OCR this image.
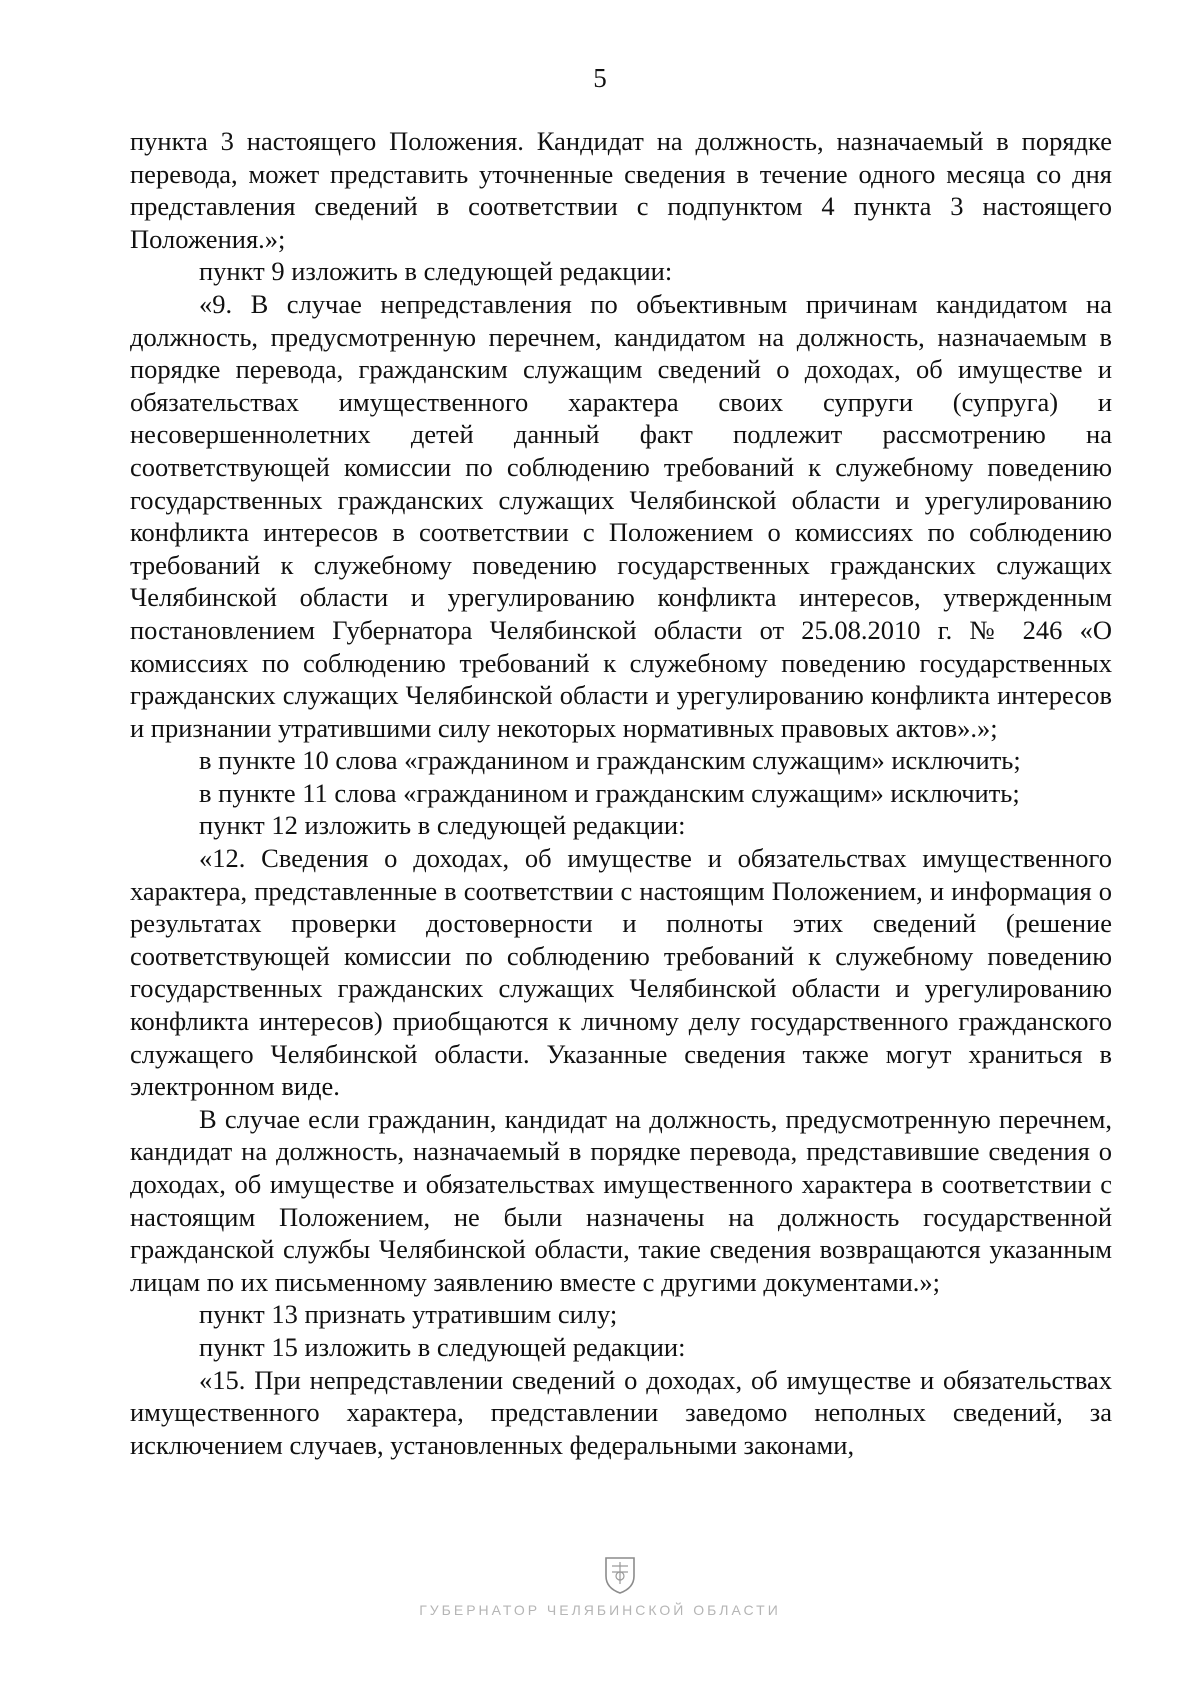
5

пункта 3 настоящего Положения. Кандидат на должность, назначаемый в порядке перевода, может представить уточненные сведения в течение одного месяца со дня представления сведений в соответствии с подпунктом 4 пункта 3 настоящего Положения.»;

пункт 9 изложить в следующей редакции:

«9. В случае непредставления по объективным причинам кандидатом на должность, предусмотренную перечнем, кандидатом на должность, назначаемым в порядке перевода, гражданским служащим сведений о доходах, об имуществе и обязательствах имущественного характера своих супруги (супруга) и несовершеннолетних детей данный факт подлежит рассмотрению на соответствующей комиссии по соблюдению требований к служебному поведению государственных гражданских служащих Челябинской области и урегулированию конфликта интересов в соответствии с Положением о комиссиях по соблюдению требований к служебному поведению государственных гражданских служащих Челябинской области и урегулированию конфликта интересов, утвержденным постановлением Губернатора Челябинской области от 25.08.2010 г. № 246 «О комиссиях по соблюдению требований к служебному поведению государственных гражданских служащих Челябинской области и урегулированию конфликта интересов и признании утратившими силу некоторых нормативных правовых актов».»;

в пункте 10 слова «гражданином и гражданским служащим» исключить;

в пункте 11 слова «гражданином и гражданским служащим» исключить;

пункт 12 изложить в следующей редакции:

«12. Сведения о доходах, об имуществе и обязательствах имущественного характера, представленные в соответствии с настоящим Положением, и информация о результатах проверки достоверности и полноты этих сведений (решение соответствующей комиссии по соблюдению требований к служебному поведению государственных гражданских служащих Челябинской области и урегулированию конфликта интересов) приобщаются к личному делу государственного гражданского служащего Челябинской области. Указанные сведения также могут храниться в электронном виде.

В случае если гражданин, кандидат на должность, предусмотренную перечнем, кандидат на должность, назначаемый в порядке перевода, представившие сведения о доходах, об имуществе и обязательствах имущественного характера в соответствии с настоящим Положением, не были назначены на должность государственной гражданской службы Челябинской области, такие сведения возвращаются указанным лицам по их письменному заявлению вместе с другими документами.»;

пункт 13 признать утратившим силу;

пункт 15 изложить в следующей редакции:

«15. При непредставлении сведений о доходах, об имуществе и обязательствах имущественного характера, представлении заведомо неполных сведений, за исключением случаев, установленных федеральными законами,

ГУБЕРНАТОР ЧЕЛЯБИНСКОЙ ОБЛАСТИ
